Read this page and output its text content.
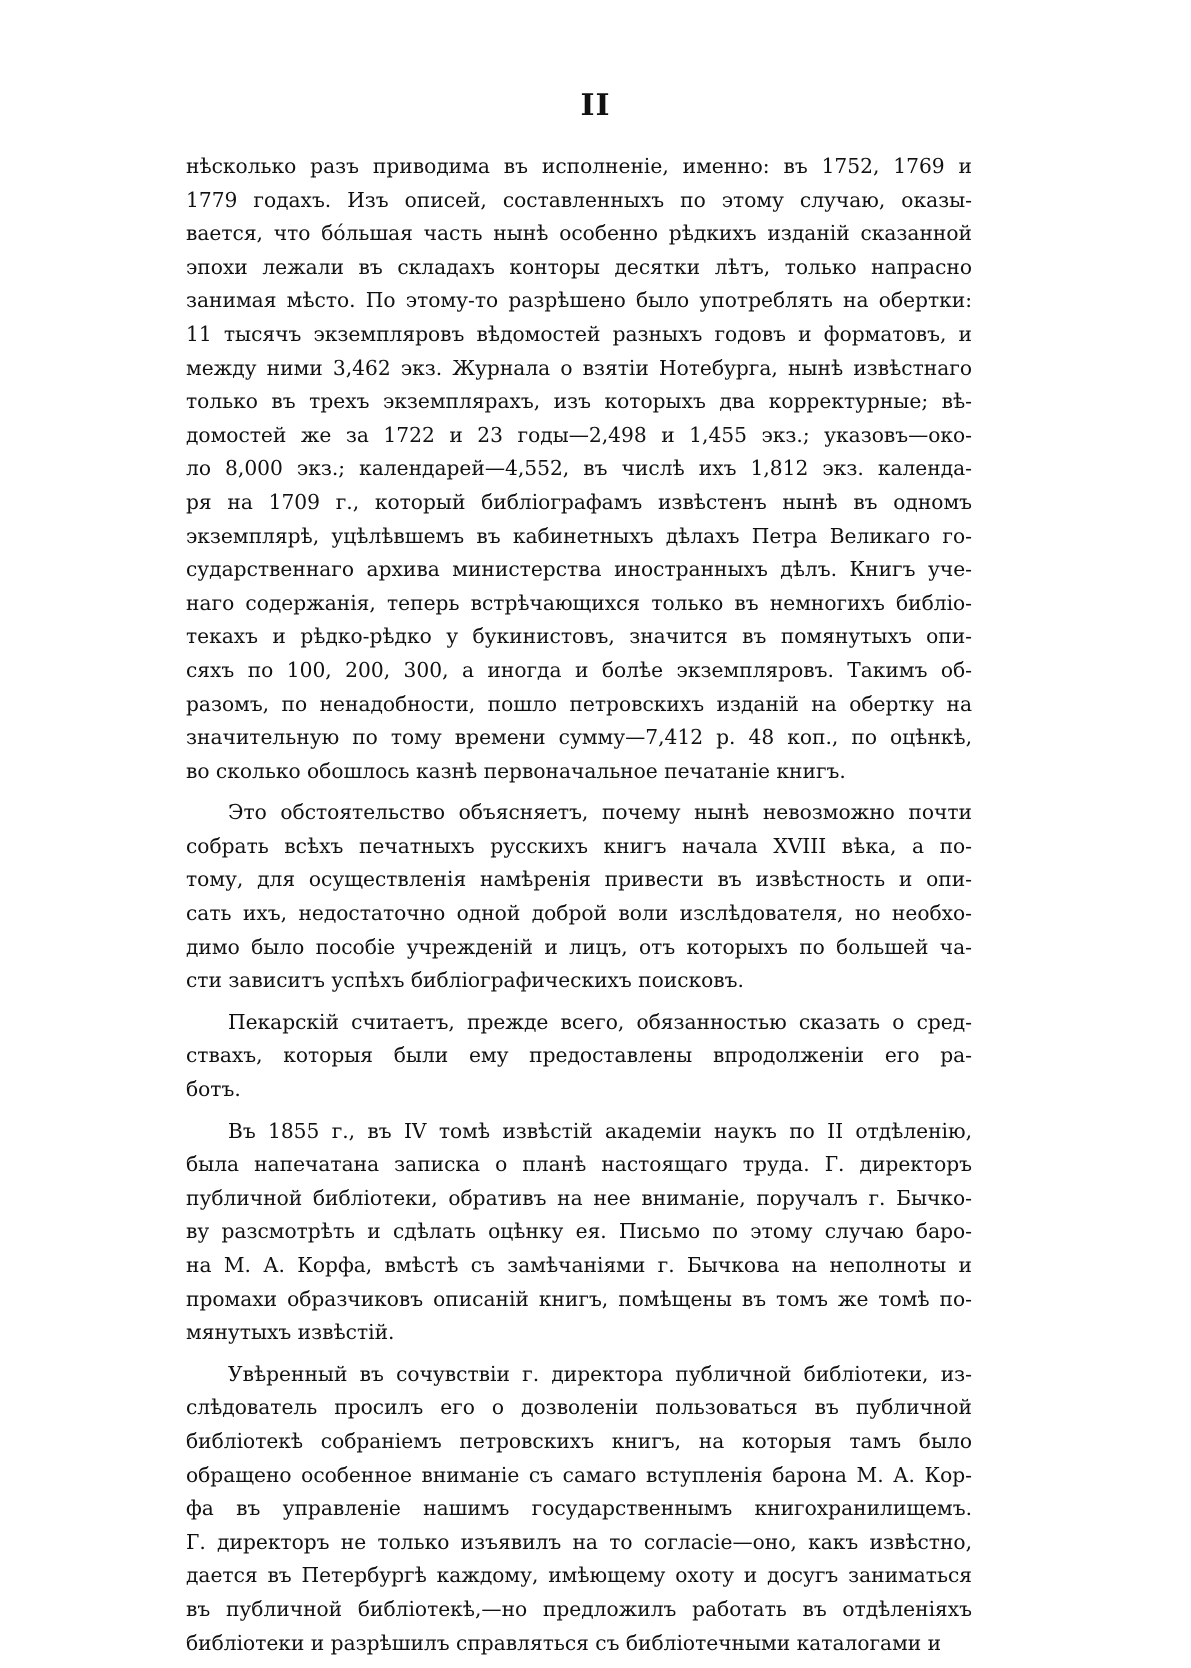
II
нѣсколько разъ приводима въ исполненіе, именно: въ 1752, 1769 и
1779 годахъ. Изъ описей, составленныхъ по этому случаю, оказы-
вается, что бóльшая часть нынѣ особенно рѣдкихъ изданій сказанной
эпохи лежали въ складахъ конторы десятки лѣтъ, только напрасно
занимая мѣсто. По этому-то разрѣшено было употреблять на обертки:
11 тысячъ экземпляровъ вѣдомостей разныхъ годовъ и форматовъ, и
между ними 3,462 экз. Журнала о взятіи Нотебурга, нынѣ извѣстнаго
только въ трехъ экземплярахъ, изъ которыхъ два корректурные; вѣ-
домостей же за 1722 и 23 годы—2,498 и 1,455 экз.; указовъ—око-
ло 8,000 экз.; календарей—4,552, въ числѣ ихъ 1,812 экз. календа-
ря на 1709 г., который библіографамъ извѣстенъ нынѣ въ одномъ
экземплярѣ, уцѣлѣвшемъ въ кабинетныхъ дѣлахъ Петра Великаго го-
сударственнаго архива министерства иностранныхъ дѣлъ. Книгъ уче-
наго содержанія, теперь встрѣчающихся только въ немногихъ библіо-
текахъ и рѣдко-рѣдко у букинистовъ, значится въ помянутыхъ опи-
сяхъ по 100, 200, 300, а иногда и болѣе экземпляровъ. Такимъ об-
разомъ, по ненадобности, пошло петровскихъ изданій на обертку на
значительную по тому времени сумму—7,412 р. 48 коп., по оцѣнкѣ,
во сколько обошлось казнѣ первоначальное печатаніе книгъ.
Это обстоятельство объясняетъ, почему нынѣ невозможно почти
собрать всѣхъ печатныхъ русскихъ книгъ начала XVIII вѣка, а по-
тому, для осуществленія намѣренія привести въ извѣстность и опи-
сать ихъ, недостаточно одной доброй воли изслѣдователя, но необхо-
димо было пособіе учрежденій и лицъ, отъ которыхъ по большей ча-
сти зависитъ успѣхъ библіографическихъ поисковъ.
Пекарскій считаетъ, прежде всего, обязанностью сказать о сред-
ствахъ, которыя были ему предоставлены впродолженіи его ра-
ботъ.
Въ 1855 г., въ IV томѣ извѣстій академіи наукъ по II отдѣленію,
была напечатана записка о планѣ настоящаго труда. Г. директоръ
публичной библіотеки, обративъ на нее вниманіе, поручалъ г. Бычко-
ву разсмотрѣть и сдѣлать оцѣнку ея. Письмо по этому случаю баро-
на М. А. Корфа, вмѣстѣ съ замѣчаніями г. Бычкова на неполноты и
промахи образчиковъ описаній книгъ, помѣщены въ томъ же томѣ по-
мянутыхъ извѣстій.
Увѣренный въ сочувствіи г. директора публичной библіотеки, из-
слѣдователь просилъ его о дозволеніи пользоваться въ публичной
библіотекѣ собраніемъ петровскихъ книгъ, на которыя тамъ было
обращено особенное вниманіе съ самаго вступленія барона М. А. Кор-
фа въ управленіе нашимъ государственнымъ книгохранилищемъ.
Г. директоръ не только изъявилъ на то согласіе—оно, какъ извѣстно,
дается въ Петербургѣ каждому, имѣющему охоту и досугъ заниматься
въ публичной библіотекѣ,—но предложилъ работать въ отдѣленіяхъ
библіотеки и разрѣшилъ справляться съ библіотечными каталогами и
